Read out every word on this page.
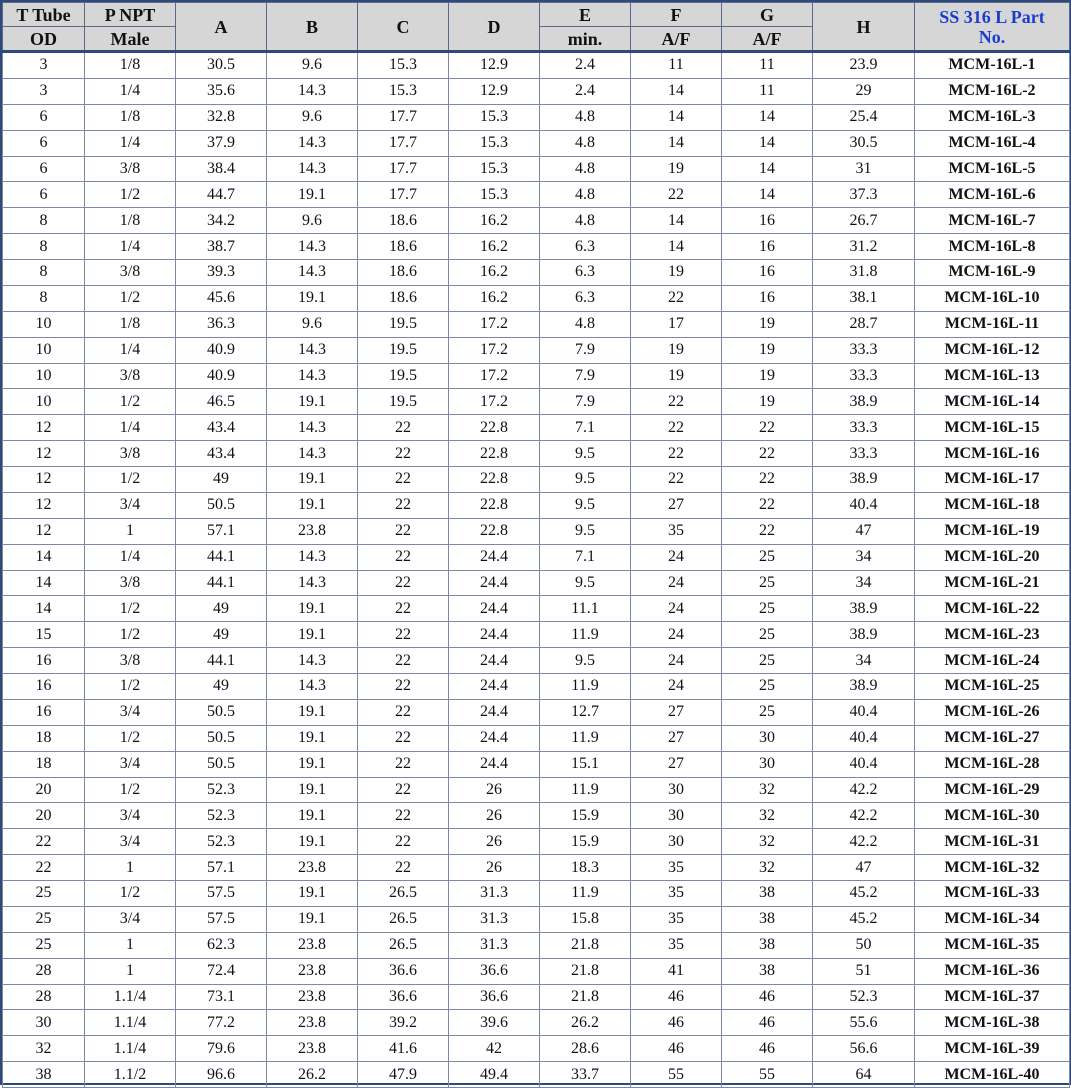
T Tube	P NPT	A	B	C	D	E	F	G	H	SS 316 L Part
No.
OD	Male					min.	A/F	A/F		
3	1/8	30.5	9.6	15.3	12.9	2.4	11	11	23.9	MCM-16L-1
3	1/4	35.6	14.3	15.3	12.9	2.4	14	11	29	MCM-16L-2
6	1/8	32.8	9.6	17.7	15.3	4.8	14	14	25.4	MCM-16L-3
6	1/4	37.9	14.3	17.7	15.3	4.8	14	14	30.5	MCM-16L-4
6	3/8	38.4	14.3	17.7	15.3	4.8	19	14	31	MCM-16L-5
6	1/2	44.7	19.1	17.7	15.3	4.8	22	14	37.3	MCM-16L-6
8	1/8	34.2	9.6	18.6	16.2	4.8	14	16	26.7	MCM-16L-7
8	1/4	38.7	14.3	18.6	16.2	6.3	14	16	31.2	MCM-16L-8
8	3/8	39.3	14.3	18.6	16.2	6.3	19	16	31.8	MCM-16L-9
8	1/2	45.6	19.1	18.6	16.2	6.3	22	16	38.1	MCM-16L-10
10	1/8	36.3	9.6	19.5	17.2	4.8	17	19	28.7	MCM-16L-11
10	1/4	40.9	14.3	19.5	17.2	7.9	19	19	33.3	MCM-16L-12
10	3/8	40.9	14.3	19.5	17.2	7.9	19	19	33.3	MCM-16L-13
10	1/2	46.5	19.1	19.5	17.2	7.9	22	19	38.9	MCM-16L-14
12	1/4	43.4	14.3	22	22.8	7.1	22	22	33.3	MCM-16L-15
12	3/8	43.4	14.3	22	22.8	9.5	22	22	33.3	MCM-16L-16
12	1/2	49	19.1	22	22.8	9.5	22	22	38.9	MCM-16L-17
12	3/4	50.5	19.1	22	22.8	9.5	27	22	40.4	MCM-16L-18
12	1	57.1	23.8	22	22.8	9.5	35	22	47	MCM-16L-19
14	1/4	44.1	14.3	22	24.4	7.1	24	25	34	MCM-16L-20
14	3/8	44.1	14.3	22	24.4	9.5	24	25	34	MCM-16L-21
14	1/2	49	19.1	22	24.4	11.1	24	25	38.9	MCM-16L-22
15	1/2	49	19.1	22	24.4	11.9	24	25	38.9	MCM-16L-23
16	3/8	44.1	14.3	22	24.4	9.5	24	25	34	MCM-16L-24
16	1/2	49	14.3	22	24.4	11.9	24	25	38.9	MCM-16L-25
16	3/4	50.5	19.1	22	24.4	12.7	27	25	40.4	MCM-16L-26
18	1/2	50.5	19.1	22	24.4	11.9	27	30	40.4	MCM-16L-27
18	3/4	50.5	19.1	22	24.4	15.1	27	30	40.4	MCM-16L-28
20	1/2	52.3	19.1	22	26	11.9	30	32	42.2	MCM-16L-29
20	3/4	52.3	19.1	22	26	15.9	30	32	42.2	MCM-16L-30
22	3/4	52.3	19.1	22	26	15.9	30	32	42.2	MCM-16L-31
22	1	57.1	23.8	22	26	18.3	35	32	47	MCM-16L-32
25	1/2	57.5	19.1	26.5	31.3	11.9	35	38	45.2	MCM-16L-33
25	3/4	57.5	19.1	26.5	31.3	15.8	35	38	45.2	MCM-16L-34
25	1	62.3	23.8	26.5	31.3	21.8	35	38	50	MCM-16L-35
28	1	72.4	23.8	36.6	36.6	21.8	41	38	51	MCM-16L-36
28	1.1/4	73.1	23.8	36.6	36.6	21.8	46	46	52.3	MCM-16L-37
30	1.1/4	77.2	23.8	39.2	39.6	26.2	46	46	55.6	MCM-16L-38
32	1.1/4	79.6	23.8	41.6	42	28.6	46	46	56.6	MCM-16L-39
38	1.1/2	96.6	26.2	47.9	49.4	33.7	55	55	64	MCM-16L-40
